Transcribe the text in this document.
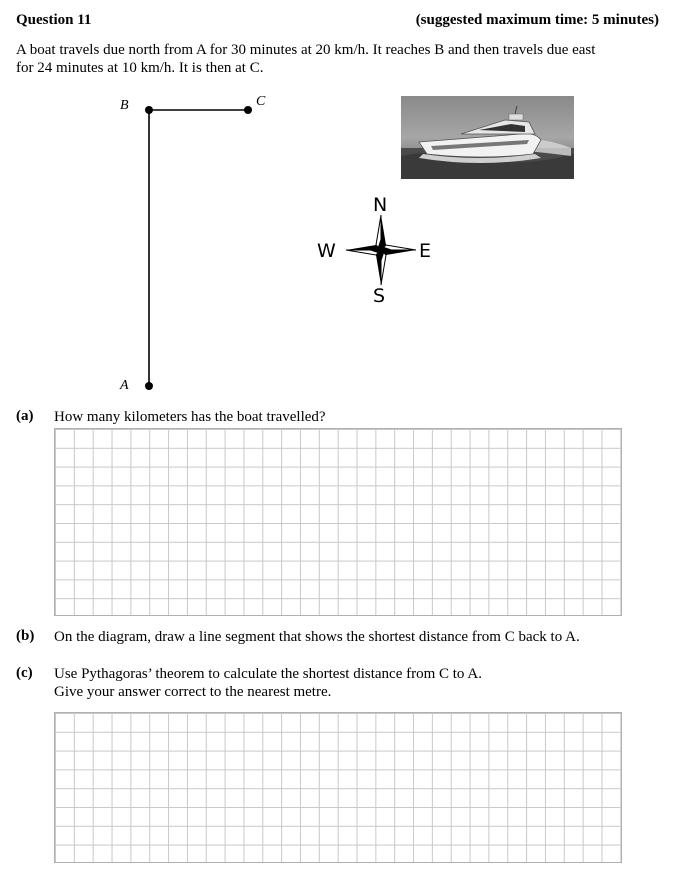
Question 11	(suggested maximum time: 5 minutes)
A boat travels due north from A for 30 minutes at 20 km/h. It reaches B and then travels due east
for 24 minutes at 10 km/h. It is then at C.
B	C
A
N
S
E
W
(a) How many kilometers has the boat travelled?
(b) On the diagram, draw a line segment that shows the shortest distance from C back to A.
(c) Use Pythagoras’ theorem to calculate the shortest distance from C to A.
Give your answer correct to the nearest metre.
